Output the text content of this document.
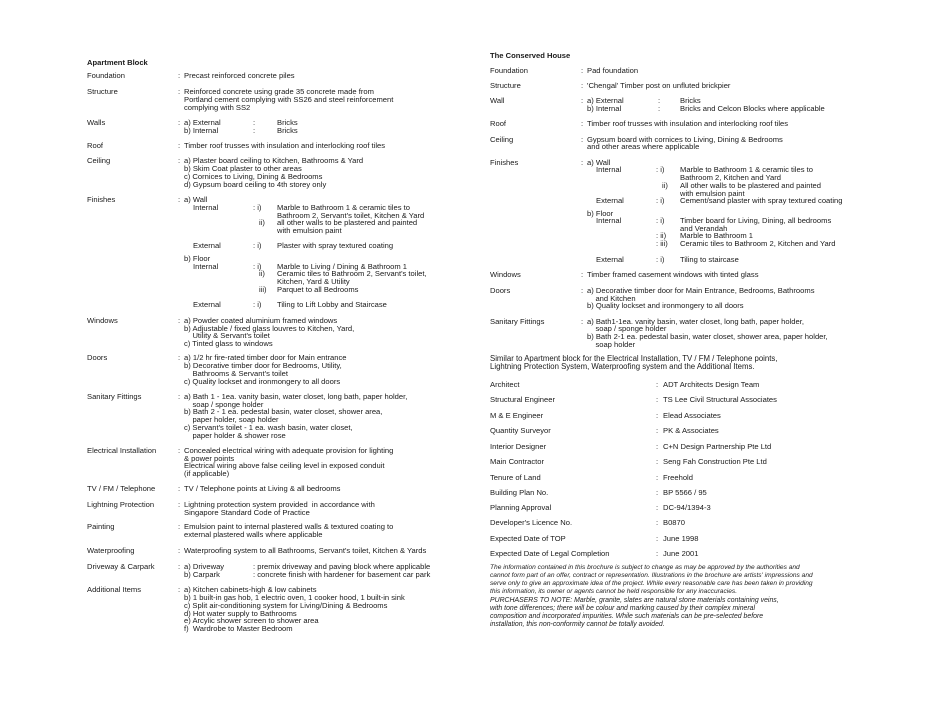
Apartment Block
Foundation	: Precast reinforced concrete piles
Structure	: Reinforced concrete using grade 35 concrete made from
Portland cement complying with SS26 and steel reinforcement
complying with SS2
Walls	: a) External	:	Bricks
b) Internal	:	Bricks
Roof	: Timber roof trusses with insulation and interlocking roof tiles
Ceiling	: a) Plaster board ceiling to Kitchen, Bathrooms & Yard
b) Skim Coat plaster to other areas
c) Cornices to Living, Dining & Bedrooms
d) Gypsum board ceiling to 4th storey only
Finishes	: a) Wall
Internal	: i) Marble to Bathroom 1 & ceramic tiles to
Bathroom 2, Servant's toilet, Kitchen & Yard
ii) all other walls to be plastered and painted
with emulsion paint
External	: i) Plaster with spray textured coating
b) Floor
Internal	: i) Marble to Living / Dining & Bathroom 1
ii) Ceramic tiles to Bathroom 2, Servant's toilet,
Kitchen, Yard & Utility
iii) Parquet to all Bedrooms
External	: i) Tiling to Lift Lobby and Staircase
Windows	: a) Powder coated aluminium framed windows
b) Adjustable / fixed glass louvres to Kitchen, Yard,
Utility & Servant's toilet
c) Tinted glass to windows
Doors	: a) 1/2 hr fire-rated timber door for Main entrance
b) Decorative timber door for Bedrooms, Utility,
Bathrooms & Servant's toilet
c) Quality lockset and ironmongery to all doors
Sanitary Fittings	: a) Bath 1 - 1ea. vanity basin, water closet, long bath, paper holder,
soap / sponge holder
b) Bath 2 - 1 ea. pedestal basin, water closet, shower area,
paper holder, soap holder
c) Servant's toilet - 1 ea. wash basin, water closet,
paper holder & shower rose
Electrical Installation	: Concealed electrical wiring with adequate provision for lighting
& power points
Electrical wiring above false ceiling level in exposed conduit
(if applicable)
TV / FM / Telephone	: TV / Telephone points at Living & all bedrooms
Lightning Protection	: Lightning protection system provided  in accordance with
Singapore Standard Code of Practice
Painting	: Emulsion paint to internal plastered walls & textured coating to
external plastered walls where applicable
Waterproofing	: Waterproofing system to all Bathrooms, Servant's toilet, Kitchen & Yards
Driveway & Carpark	: a) Driveway	: premix driveway and paving block where applicable
b) Carpark	: concrete finish with hardener for basement car park
Additional Items	: a) Kitchen cabinets-high & low cabinets
b) 1 built-in gas hob, 1 electric oven, 1 cooker hood, 1 built-in sink
c) Split air-conditioning system for Living/Dining & Bedrooms
d) Hot water supply to Bathrooms
e) Arcylic shower screen to shower area
f)  Wardrobe to Master Bedroom
The Conserved House
Foundation	: Pad foundation
Structure	: 'Chengal' Timber post on unfluted brickpier
Wall	: a) External	:	Bricks
b) Internal	:	Bricks and Celcon Blocks where applicable
Roof	: Timber roof trusses with insulation and interlocking roof tiles
Ceiling	: Gypsum board with cornices to Living, Dining & Bedrooms
and other areas where applicable
Finishes	: a) Wall
Internal	: i) Marble to Bathroom 1 & ceramic tiles to
Bathroom 2, Kitchen and Yard
ii) All other walls to be plastered and painted
with emulsion paint
External	: i) Cement/sand plaster with spray textured coating
b) Floor
Internal	: i) Timber board for Living, Dining, all bedrooms
and Verandah
: ii) Marble to Bathroom 1
: iii) Ceramic tiles to Bathroom 2, Kitchen and Yard
External	: i) Tiling to staircase
Windows	: Timber framed casement windows with tinted glass
Doors	: a) Decorative timber door for Main Entrance, Bedrooms, Bathrooms
and Kitchen
b) Quality lockset and ironmongery to all doors
Sanitary Fittings	: a) Bath1-1ea. vanity basin, water closet, long bath, paper holder,
soap / sponge holder
b) Bath 2-1 ea. pedestal basin, water closet, shower area, paper holder,
soap holder
Similar to Apartment block for the Electrical Installation, TV / FM / Telephone points,
Lightning Protection System, Waterproofing system and the Additional Items.
Architect	: ADT Architects Design Team
Structural Engineer	: TS Lee Civil Structural Associates
M & E Engineer	: Elead Associates
Quantity Surveyor	: PK & Associates
Interior Designer	: C+N Design Partnership Pte Ltd
Main Contractor	: Seng Fah Construction Pte Ltd
Tenure of Land	: Freehold
Building Plan No.	: BP 5566 / 95
Planning Approval	: DC-94/1394-3
Developer's Licence No.	: B0870
Expected Date of TOP	: June 1998
Expected Date of Legal Completion	: June 2001
The information contained in this brochure is subject to change as may be approved by the authorities and
cannot form part of an offer, contract or representation. Illustrations in the brochure are artists' impressions and
serve only to give an approximate idea of the project. While every reasonable care has been taken in providing
this information, its owner or agents cannot be held responsible for any inaccuracies.
PURCHASERS TO NOTE: Marble, granite, slates are natural stone materials containing veins,
with tone differences; there will be colour and marking caused by their complex mineral
composition and incorporated impurities. While such materials can be pre-selected before
installation, this non-conformity cannot be totally avoided.
